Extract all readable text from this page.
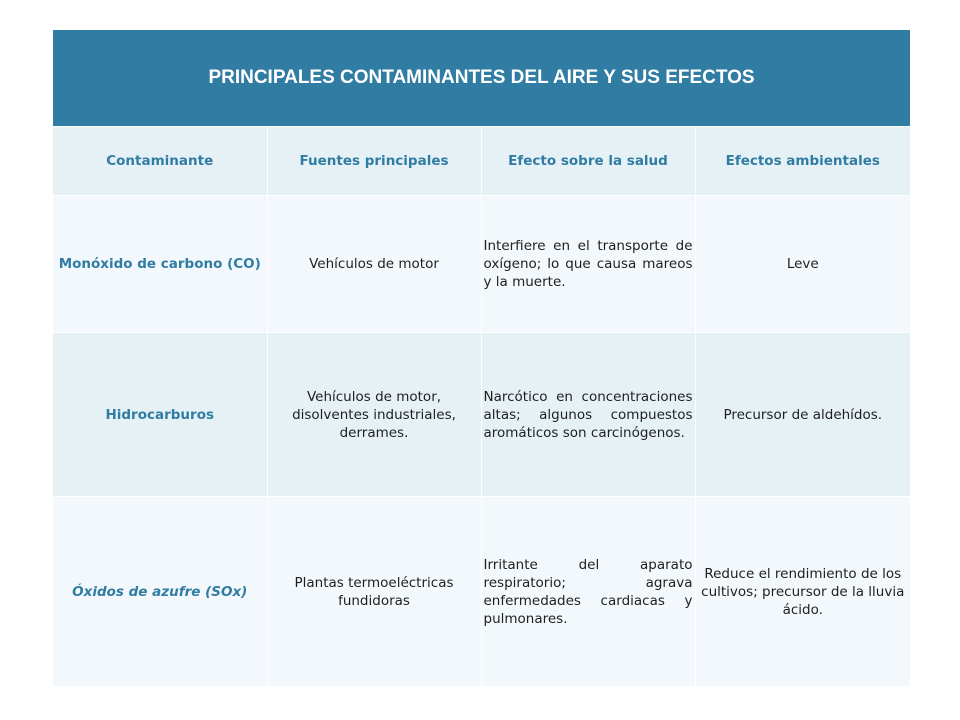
PRINCIPALES CONTAMINANTES DEL AIRE Y SUS EFECTOS			
Contaminante	Fuentes principales	Efecto sobre la salud	Efectos ambientales
Monóxido de carbono (CO)	Vehículos de motor	Interfiere en el transporte de oxígeno; lo que causa mareos y la muerte.	Leve
Hidrocarburos	Vehículos de motor, disolventes industriales, derrames.	Narcótico en concentraciones altas; algunos compuestos aromáticos son carcinógenos.	Precursor de aldehídos.
Óxidos de azufre (SOx)	Plantas termoeléctricas fundidoras	Irritante del aparato respiratorio; agrava enfermedades cardiacas y pulmonares.	Reduce el rendimiento de los cultivos; precursor de la lluvia ácido.
